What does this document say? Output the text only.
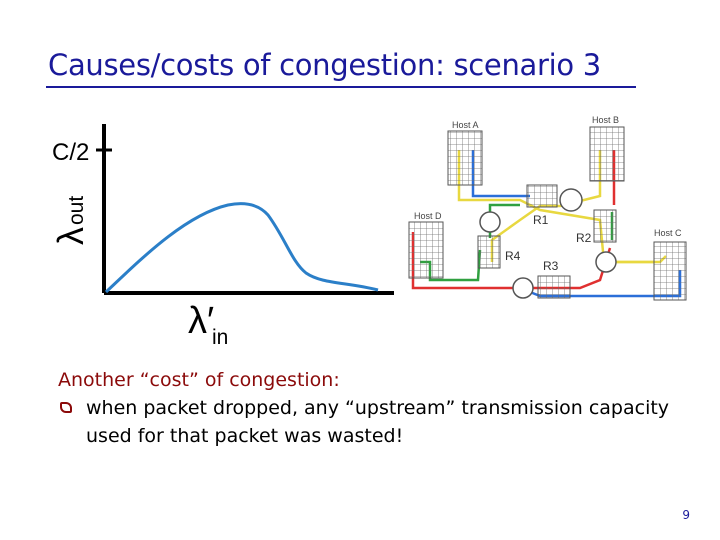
Causes/costs of congestion: scenario 3
C/2
λout
λ′
in
Host A	Host B
Host C
Host D	R1
R2
R3
R4
Another “cost” of congestion:
when packet dropped, any “upstream” transmission capacity used for that packet was wasted!
9
